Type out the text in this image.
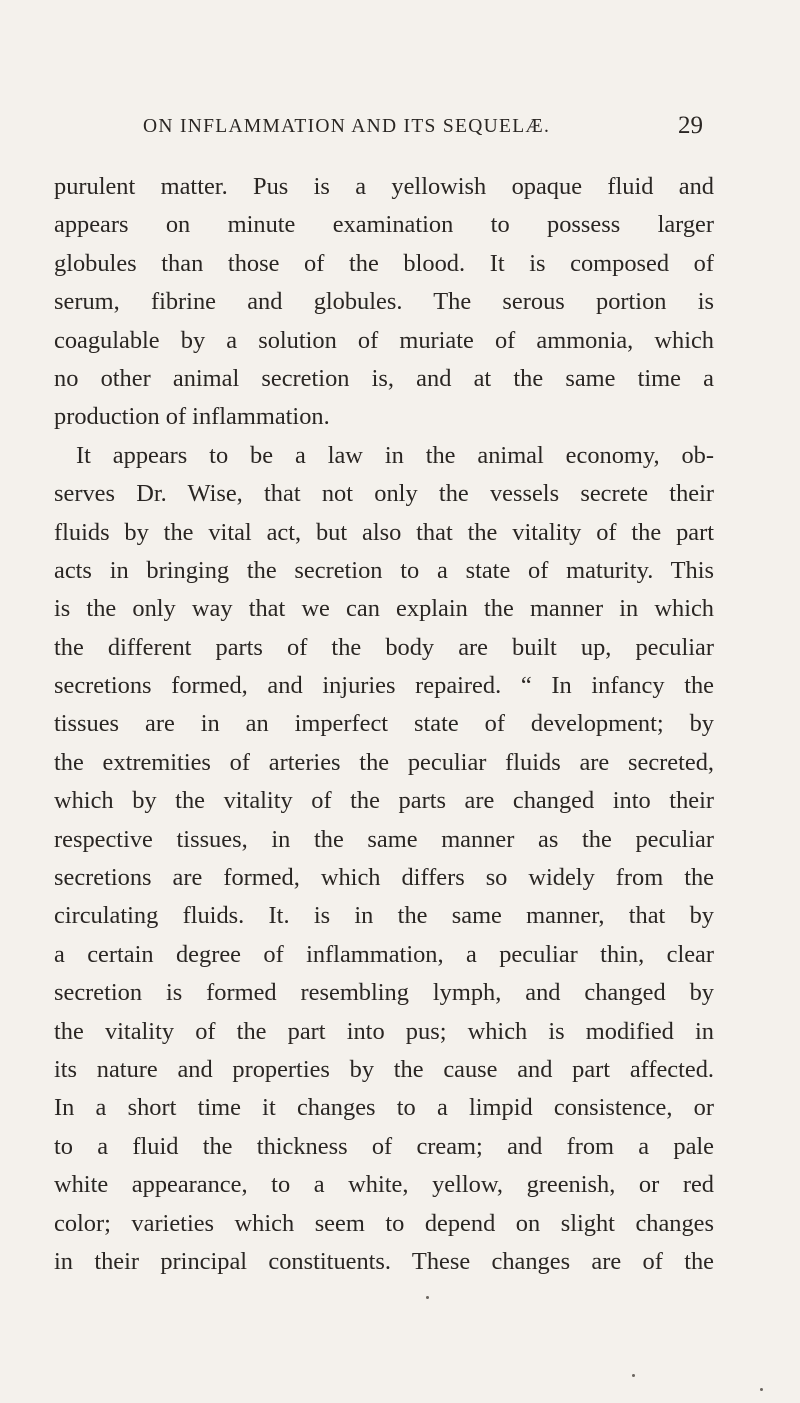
ON INFLAMMATION AND ITS SEQUELÆ.	29
purulent matter. Pus is a yellowish opaque fluid and
appears on minute examination to possess larger
globules than those of the blood. It is composed of
serum, fibrine and globules. The serous portion is
coagulable by a solution of muriate of ammonia, which
no other animal secretion is, and at the same time a
production of inflammation.
It appears to be a law in the animal economy, ob-
serves Dr. Wise, that not only the vessels secrete their
fluids by the vital act, but also that the vitality of the part
acts in bringing the secretion to a state of maturity. This
is the only way that we can explain the manner in which
the different parts of the body are built up, peculiar
secretions formed, and injuries repaired. “ In infancy the
tissues are in an imperfect state of development; by
the extremities of arteries the peculiar fluids are secreted,
which by the vitality of the parts are changed into their
respective tissues, in the same manner as the peculiar
secretions are formed, which differs so widely from the
circulating fluids. It. is in the same manner, that by
a certain degree of inflammation, a peculiar thin, clear
secretion is formed resembling lymph, and changed by
the vitality of the part into pus; which is modified in
its nature and properties by the cause and part affected.
In a short time it changes to a limpid consistence, or
to a fluid the thickness of cream; and from a pale
white appearance, to a white, yellow, greenish, or red
color; varieties which seem to depend on slight changes
in their principal constituents. These changes are of the
